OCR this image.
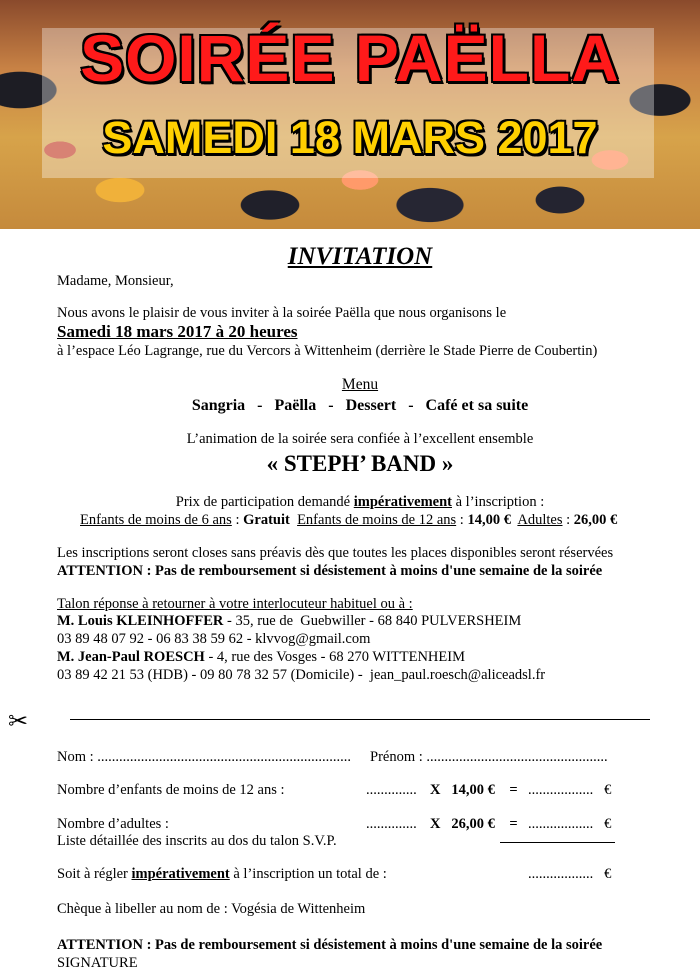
SOIRÉE PAËLLA
SAMEDI 18 MARS 2017
INVITATION
Madame, Monsieur,
Nous avons le plaisir de vous inviter à la soirée Paëlla que nous organisons le
Samedi 18 mars 2017 à 20 heures
à l’espace Léo Lagrange, rue du Vercors à Wittenheim (derrière le Stade Pierre de Coubertin)
Menu
Sangria   -   Paëlla   -   Dessert   -   Café et sa suite
L’animation de la soirée sera confiée à l’excellent ensemble
« STEPH’ BAND »
Prix de participation demandé impérativement à l’inscription :
Enfants de moins de 6 ans : Gratuit Enfants de moins de 12 ans : 14,00 € Adultes : 26,00 €
Les inscriptions seront closes sans préavis dès que toutes les places disponibles seront réservées
ATTENTION : Pas de remboursement si désistement à moins d'une semaine de la soirée
Talon réponse à retourner à votre interlocuteur habituel ou à :
M. Louis KLEINHOFFER - 35, rue de  Guebwiller - 68 840 PULVERSHEIM
03 89 48 07 92 - 06 83 38 59 62 - klvvog@gmail.com
M. Jean-Paul ROESCH - 4, rue des Vosges - 68 270 WITTENHEIM
03 89 42 21 53 (HDB) - 09 80 78 32 57 (Domicile) -  jean_paul.roesch@aliceadsl.fr
✂
Nom : ...................................................................... Prénom : ..................................................
Nombre d’enfants de moins de 12 ans :	.............. X   14,00 €    = ..................   €
Nombre d’adultes :	.............. X   26,00 €    = ..................   €
Liste détaillée des inscrits au dos du talon S.V.P.
Soit à régler impérativement à l’inscription un total de :	..................   €
Chèque à libeller au nom de : Vogésia de Wittenheim
ATTENTION : Pas de remboursement si désistement à moins d'une semaine de la soirée
SIGNATURE
